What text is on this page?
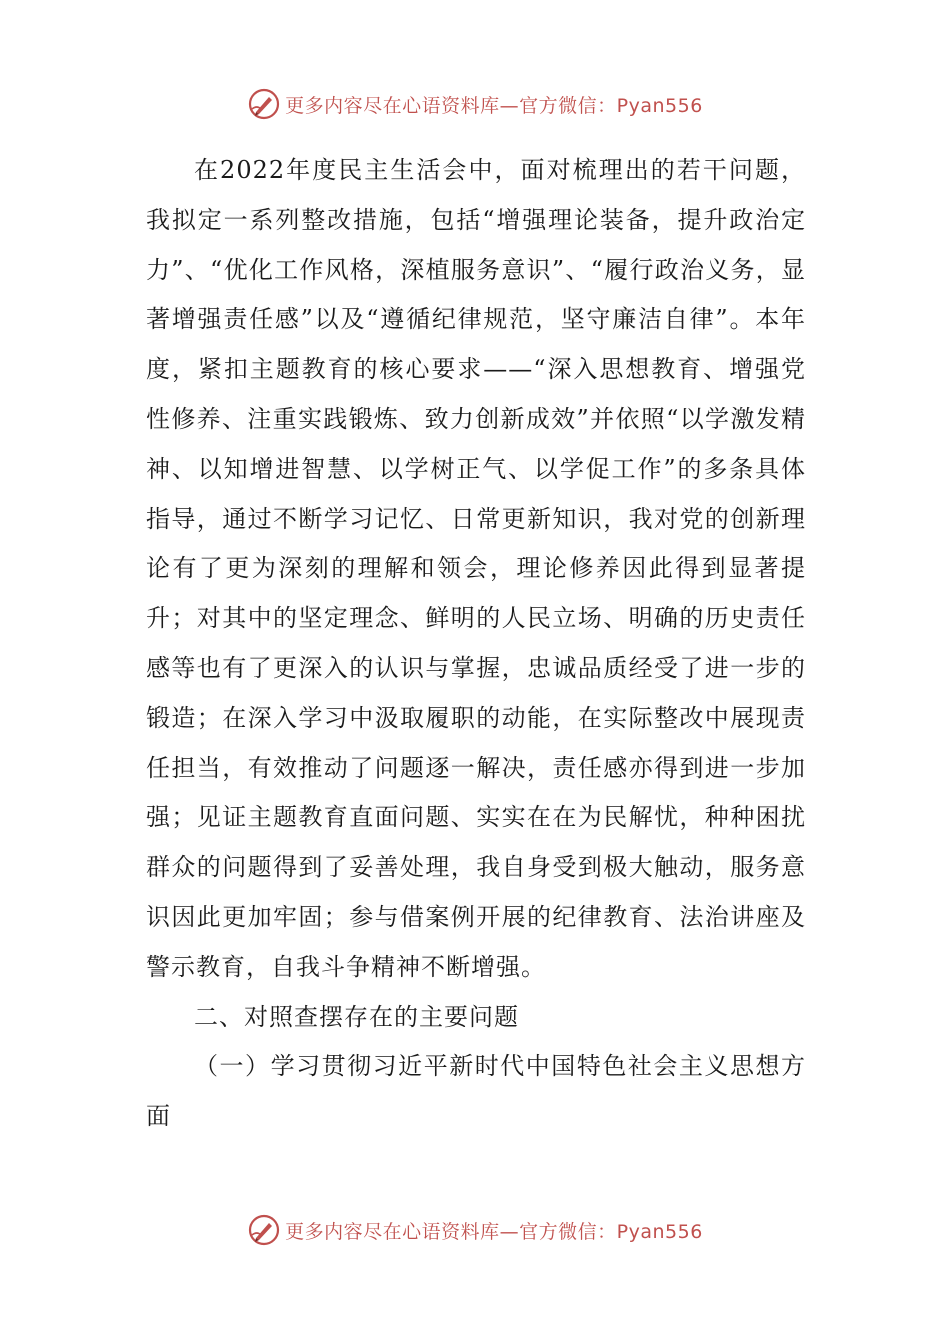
更多内容尽在心语资料库—官方微信：Pyan556

在2022年度民主生活会中，面对梳理出的若干问题，我拟定一系列整改措施，包括“增强理论装备，提升政治定力”、“优化工作风格，深植服务意识”、“履行政治义务，显著增强责任感”以及“遵循纪律规范，坚守廉洁自律”。本年度，紧扣主题教育的核心要求——“深入思想教育、增强党性修养、注重实践锻炼、致力创新成效”并依照“以学激发精神、以知增进智慧、以学树正气、以学促工作”的多条具体指导，通过不断学习记忆、日常更新知识，我对党的创新理论有了更为深刻的理解和领会，理论修养因此得到显著提升；对其中的坚定理念、鲜明的人民立场、明确的历史责任感等也有了更深入的认识与掌握，忠诚品质经受了进一步的锻造；在深入学习中汲取履职的动能，在实际整改中展现责任担当，有效推动了问题逐一解决，责任感亦得到进一步加强；见证主题教育直面问题、实实在在为民解忧，种种困扰群众的问题得到了妥善处理，我自身受到极大触动，服务意识因此更加牢固；参与借案例开展的纪律教育、法治讲座及警示教育，自我斗争精神不断增强。

二、对照查摆存在的主要问题

（一）学习贯彻习近平新时代中国特色社会主义思想方面

更多内容尽在心语资料库—官方微信：Pyan556
